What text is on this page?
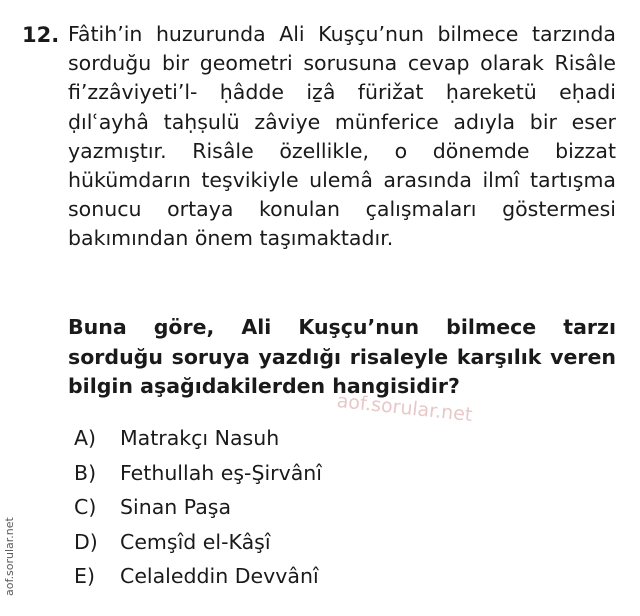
12. Fâtih’in huzurunda Ali Kuşçu’nun bilmece tarzında sorduğu bir geometri sorusuna cevap olarak Risâle fi’zzâviyeti’l- ḥâdde iẕâ fürižat ḥareketü eḥadi ḍılʿayhâ taḥṣulü zâviye münferice adıyla bir eser yazmıştır. Risâle özellikle, o dönemde bizzat hükümdarın teşvikiyle ulemâ arasında ilmî tartışma sonucu ortaya konulan çalışmaları göstermesi bakımından önem taşımaktadır.

Buna göre, Ali Kuşçu’nun bilmece tarzı sorduğu soruya yazdığı risaleyle karşılık veren bilgin aşağıdakilerden hangisidir?

A)	Matrakçı Nasuh
B)	Fethullah eş-Şirvânî
C)	Sinan Paşa
D)	Cemşîd el-Kâşî
E)	Celaleddin Devvânî
aof.sorular.net
aof.sorular.net
